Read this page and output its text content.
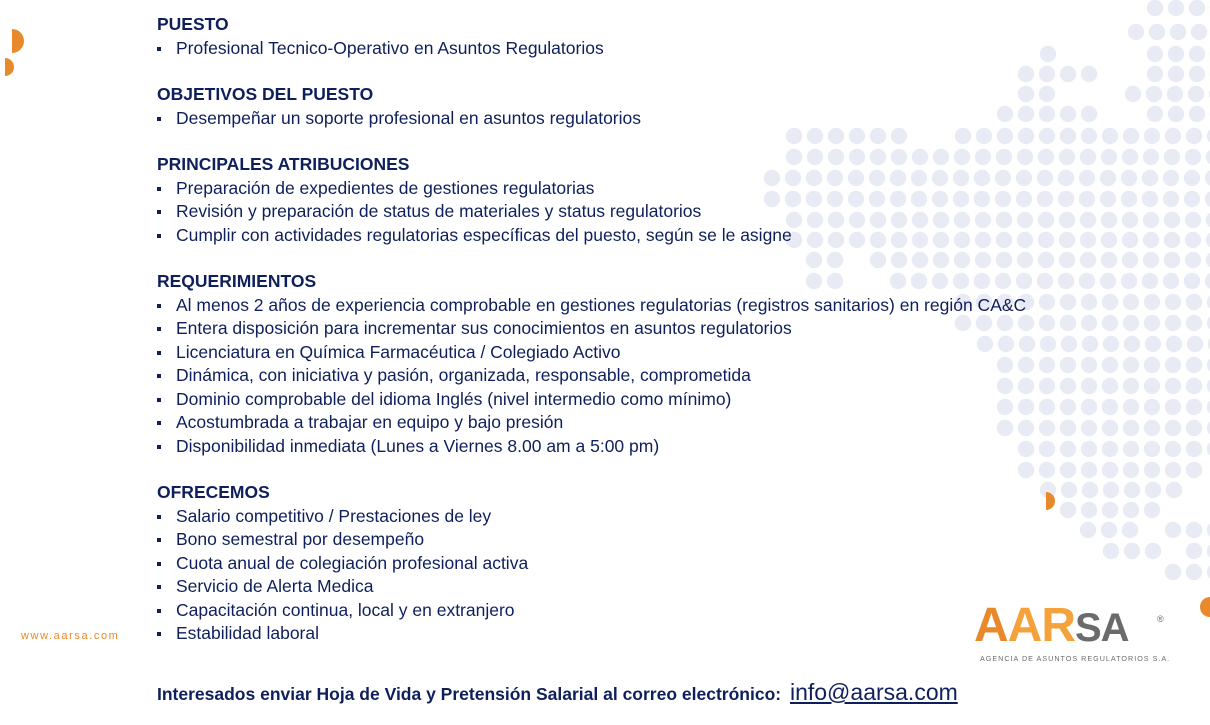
PUESTO
Profesional Tecnico-Operativo en Asuntos Regulatorios
OBJETIVOS DEL PUESTO
Desempeñar un soporte profesional en asuntos regulatorios
PRINCIPALES ATRIBUCIONES
Preparación de expedientes de gestiones regulatorias
Revisión y preparación de status de materiales y status regulatorios
Cumplir con actividades regulatorias específicas del puesto, según se le asigne
REQUERIMIENTOS
Al menos 2 años de experiencia comprobable en gestiones regulatorias (registros sanitarios) en región CA&C
Entera disposición para incrementar sus conocimientos en asuntos regulatorios
Licenciatura en Química Farmacéutica / Colegiado Activo
Dinámica, con iniciativa y pasión, organizada, responsable, comprometida
Dominio comprobable del idioma Inglés (nivel intermedio como mínimo)
Acostumbrada a trabajar en equipo y bajo presión
Disponibilidad inmediata (Lunes a Viernes 8.00 am a 5:00 pm)
OFRECEMOS
Salario competitivo / Prestaciones de ley
Bono semestral por desempeño
Cuota anual de colegiación profesional activa
Servicio de Alerta Medica
Capacitación continua, local y en extranjero
Estabilidad laboral
Interesados enviar Hoja de Vida y Pretensión Salarial al correo electrónico: info@aarsa.com
www.aarsa.com	AARSA	®
AGENCIA DE ASUNTOS REGULATORIOS S.A.
